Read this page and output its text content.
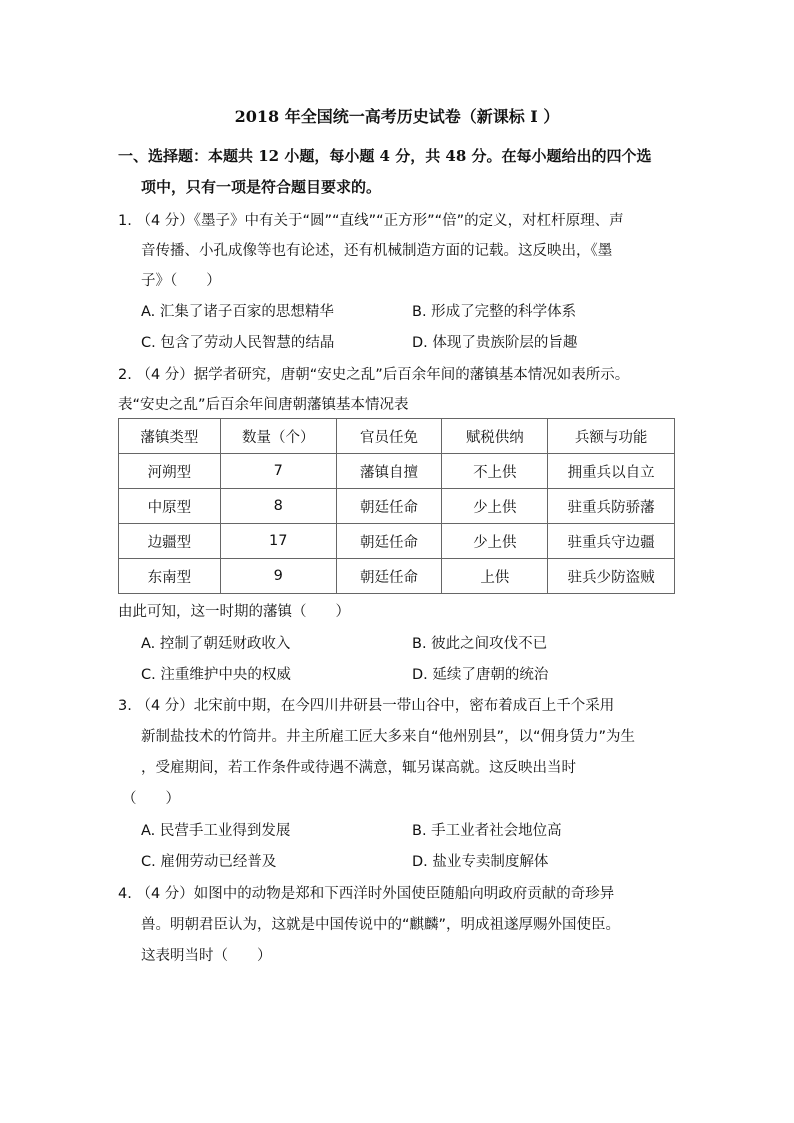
2018 年全国统一高考历史试卷（新课标 I ）
一、选择题：本题共 12 小题，每小题 4 分，共 48 分。在每小题给出的四个选
项中，只有一项是符合题目要求的。
1. （4 分）《墨子》中有关于“圆”“直线”“正方形”“倍”的定义，对杠杆原理、声
音传播、小孔成像等也有论述，还有机械制造方面的记载。这反映出，《墨
子》（　　）
A. 汇集了诸子百家的思想精华	B. 形成了完整的科学体系
C. 包含了劳动人民智慧的结晶	D. 体现了贵族阶层的旨趣
2. （4 分）据学者研究，唐朝“安史之乱”后百余年间的藩镇基本情况如表所示。
表“安史之乱”后百余年间唐朝藩镇基本情况表
藩镇类型	数量（个）	官员任免	赋税供纳	兵额与功能
河朔型	7	藩镇自擅	不上供	拥重兵以自立
中原型	8	朝廷任命	少上供	驻重兵防骄藩
边疆型	17	朝廷任命	少上供	驻重兵守边疆
东南型	9	朝廷任命	上供	驻兵少防盗贼
由此可知，这一时期的藩镇（　　）
A. 控制了朝廷财政收入	B. 彼此之间攻伐不已
C. 注重维护中央的权威	D. 延续了唐朝的统治
3. （4 分）北宋前中期，在今四川井研县一带山谷中，密布着成百上千个采用
新制盐技术的竹筒井。井主所雇工匠大多来自“他州别县”，以“佣身赁力”为生
，受雇期间，若工作条件或待遇不满意，辄另谋高就。这反映出当时
（　　）
A. 民营手工业得到发展	B. 手工业者社会地位高
C. 雇佣劳动已经普及	D. 盐业专卖制度解体
4. （4 分）如图中的动物是郑和下西洋时外国使臣随船向明政府贡献的奇珍异
兽。明朝君臣认为，这就是中国传说中的“麒麟”，明成祖遂厚赐外国使臣。
这表明当时（　　）
